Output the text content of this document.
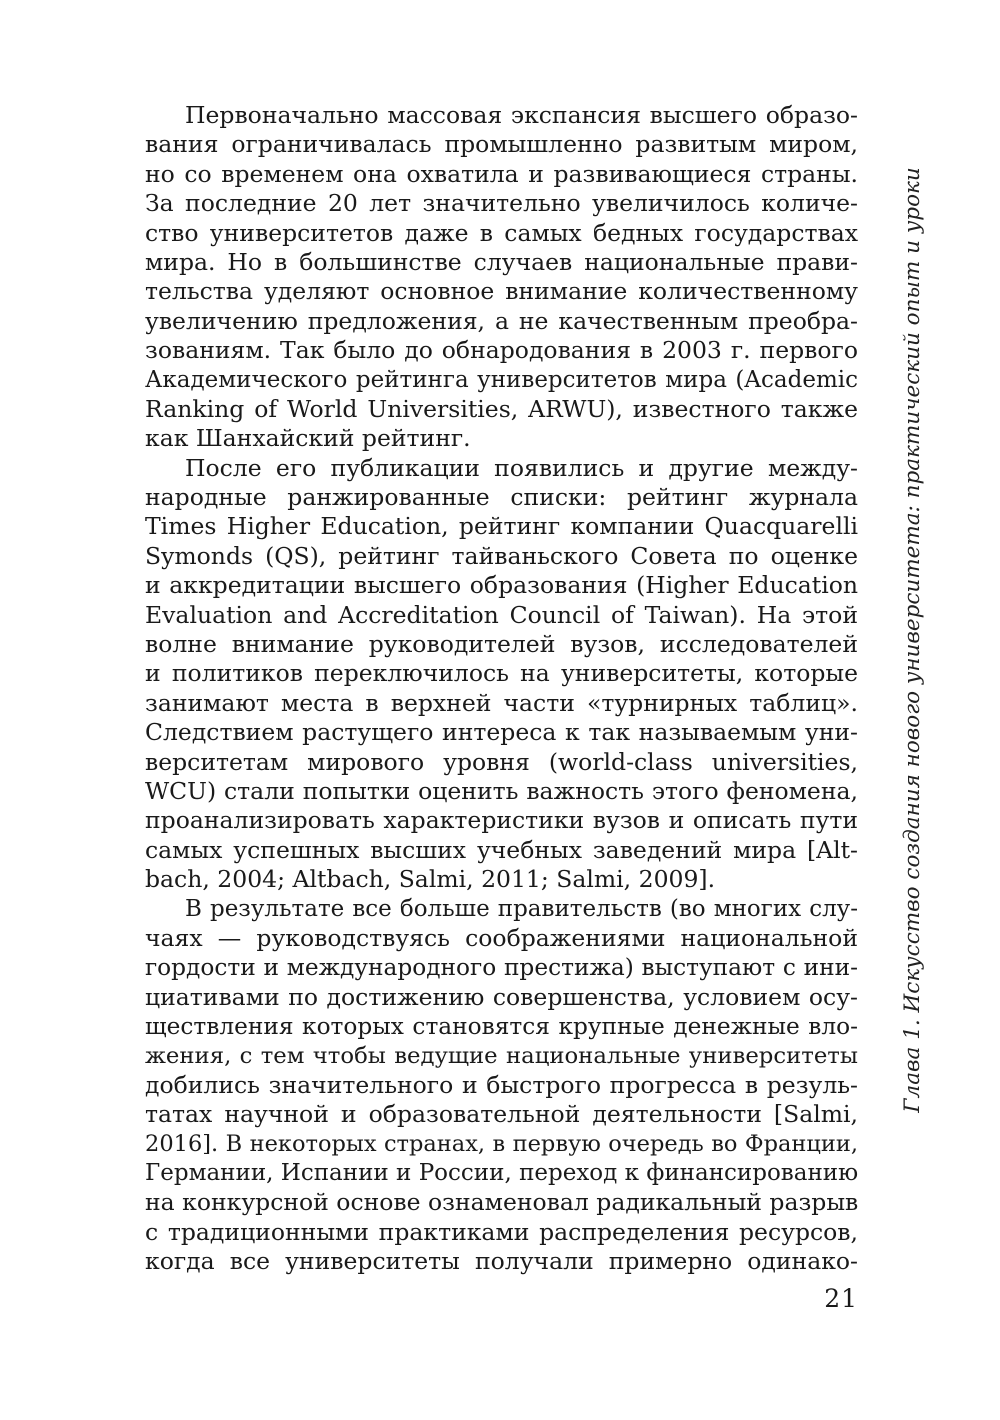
Первоначально массовая экспансия высшего образо-
вания ограничивалась промышленно развитым миром,
но со временем она охватила и развивающиеся страны.
За последние 20 лет значительно увеличилось количе-
ство университетов даже в самых бедных государствах
мира. Но в большинстве случаев национальные прави-
тельства уделяют основное внимание количественному
увеличению предложения, а не качественным преобра-
зованиям. Так было до обнародования в 2003 г. первого
Академического рейтинга университетов мира (Academic
Ranking of World Universities, ARWU), известного также
как Шанхайский рейтинг.
После его публикации появились и другие между-
народные ранжированные списки: рейтинг журнала
Times Higher Education, рейтинг компании Quacquarelli
Symonds (QS), рейтинг тайваньского Совета по оценке
и аккредитации высшего образования (Higher Education
Evaluation and Accreditation Council of Taiwan). На этой
волне внимание руководителей вузов, исследователей
и политиков переключилось на университеты, которые
занимают места в верхней части «турнирных таблиц».
Следствием растущего интереса к так называемым уни-
верситетам мирового уровня (world-class universities,
WCU) стали попытки оценить важность этого феномена,
проанализировать характеристики вузов и описать пути
самых успешных высших учебных заведений мира [Alt-
bach, 2004; Altbach, Salmi, 2011; Salmi, 2009].
В результате все больше правительств (во многих слу-
чаях — руководствуясь соображениями национальной
гордости и международного престижа) выступают с ини-
циативами по достижению совершенства, условием осу-
ществления которых становятся крупные денежные вло-
жения, с тем чтобы ведущие национальные университеты
добились значительного и быстрого прогресса в резуль-
татах научной и образовательной деятельности [Salmi,
2016]. В некоторых странах, в первую очередь во Франции,
Германии, Испании и России, переход к финансированию
на конкурсной основе ознаменовал радикальный разрыв
с традиционными практиками распределения ресурсов,
когда все университеты получали примерно одинако-
Глава 1. Искусство создания нового университета: практический опыт и уроки
21
